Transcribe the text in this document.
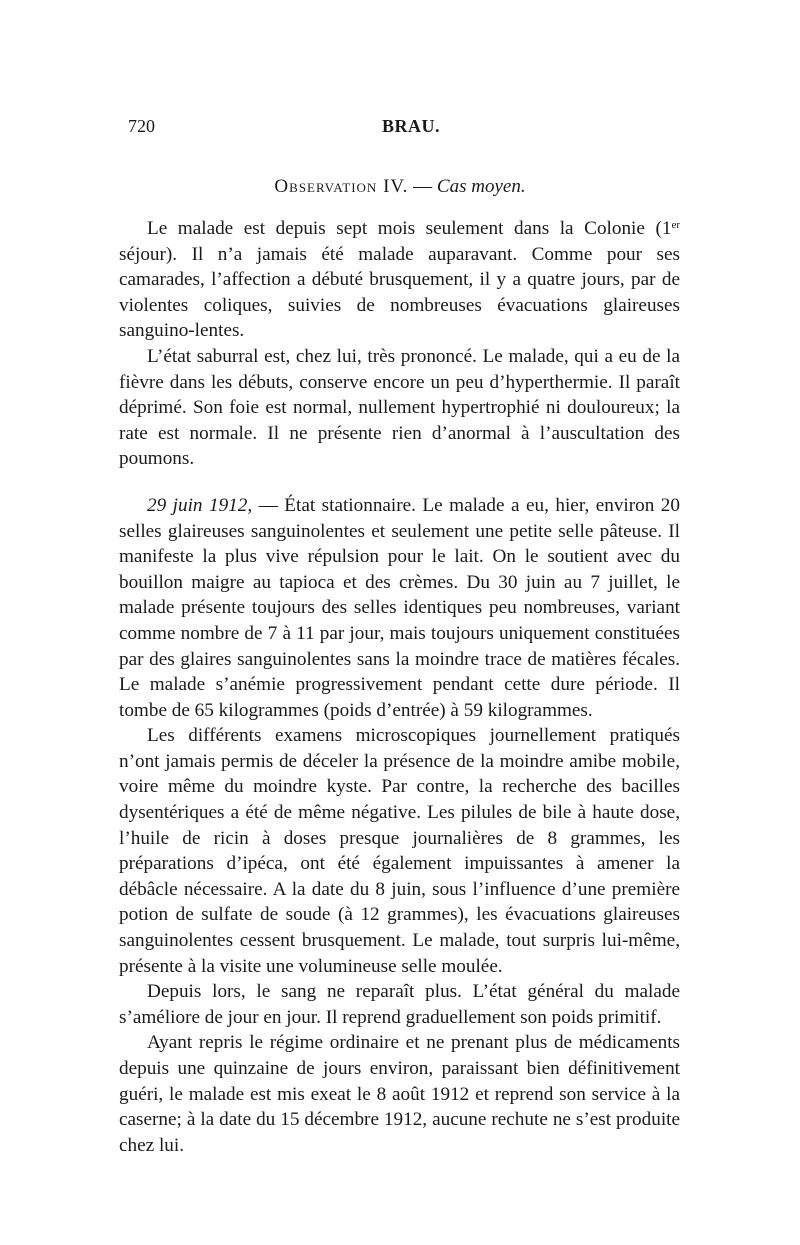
720	BRAU.
Observation IV. — Cas moyen.

Le malade est depuis sept mois seulement dans la Colonie (1er séjour). Il n’a jamais été malade auparavant. Comme pour ses camarades, l’affection a débuté brusquement, il y a quatre jours, par de violentes coliques, suivies de nombreuses évacuations glaireuses sanguino-lentes.

L’état saburral est, chez lui, très prononcé. Le malade, qui a eu de la fièvre dans les débuts, conserve encore un peu d’hyperthermie. Il paraît déprimé. Son foie est normal, nullement hypertrophié ni douloureux; la rate est normale. Il ne présente rien d’anormal à l’auscultation des poumons.

29 juin 1912, — État stationnaire. Le malade a eu, hier, environ 20 selles glaireuses sanguinolentes et seulement une petite selle pâteuse. Il manifeste la plus vive répulsion pour le lait. On le soutient avec du bouillon maigre au tapioca et des crèmes. Du 30 juin au 7 juillet, le malade présente toujours des selles identiques peu nombreuses, variant comme nombre de 7 à 11 par jour, mais toujours uniquement constituées par des glaires sanguinolentes sans la moindre trace de matières fécales. Le malade s’anémie progressivement pendant cette dure période. Il tombe de 65 kilogrammes (poids d’entrée) à 59 kilogrammes.

Les différents examens microscopiques journellement pratiqués n’ont jamais permis de déceler la présence de la moindre amibe mobile, voire même du moindre kyste. Par contre, la recherche des bacilles dysentériques a été de même négative. Les pilules de bile à haute dose, l’huile de ricin à doses presque journalières de 8 grammes, les préparations d’ipéca, ont été également impuissantes à amener la débâcle nécessaire. A la date du 8 juin, sous l’influence d’une première potion de sulfate de soude (à 12 grammes), les évacuations glaireuses sanguinolentes cessent brusquement. Le malade, tout surpris lui-même, présente à la visite une volumineuse selle moulée.

Depuis lors, le sang ne reparaît plus. L’état général du malade s’améliore de jour en jour. Il reprend graduellement son poids primitif.

Ayant repris le régime ordinaire et ne prenant plus de médicaments depuis une quinzaine de jours environ, paraissant bien définitivement guéri, le malade est mis exeat le 8 août 1912 et reprend son service à la caserne; à la date du 15 décembre 1912, aucune rechute ne s’est produite chez lui.
